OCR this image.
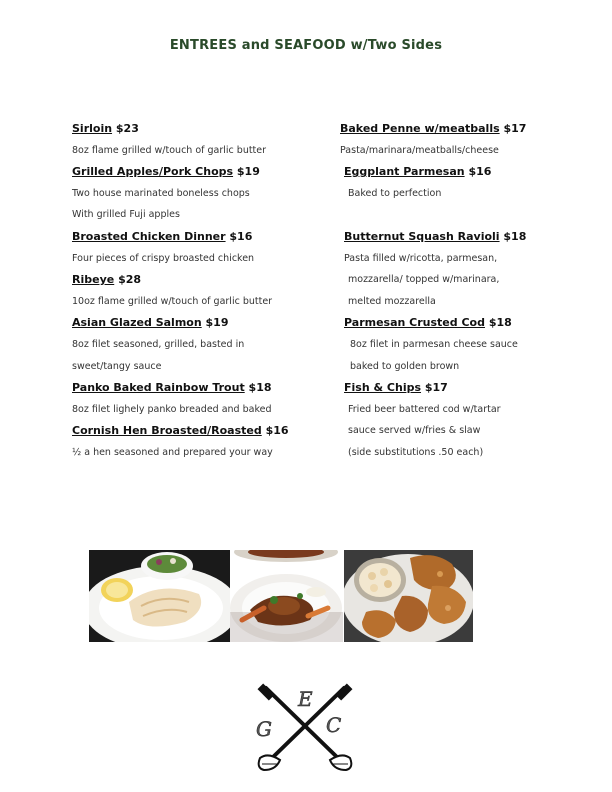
ENTREES and SEAFOOD w/Two Sides
Sirloin $23
8oz flame grilled w/touch of garlic butter
Grilled Apples/Pork Chops $19
Two house marinated boneless chops
With grilled Fuji apples
Broasted Chicken Dinner $16
Four pieces of crispy broasted chicken
Ribeye $28
10oz flame grilled w/touch of garlic butter
Asian Glazed Salmon $19
8oz filet seasoned, grilled, basted in
sweet/tangy sauce
Panko Baked Rainbow Trout $18
8oz filet lighely panko breaded and baked
Cornish Hen Broasted/Roasted $16
½ a hen seasoned and prepared your way
Baked Penne w/meatballs $17
Pasta/marinara/meatballs/cheese
Eggplant Parmesan $16
Baked to perfection
Butternut Squash Ravioli $18
Pasta filled w/ricotta, parmesan,
mozzarella/ topped w/marinara,
melted mozzarella
Parmesan Crusted Cod $18
8oz filet in parmesan cheese sauce
baked to golden brown
Fish & Chips $17
Fried beer battered cod w/tartar
sauce served w/fries & slaw
(side substitutions .50 each)
E
G	C
